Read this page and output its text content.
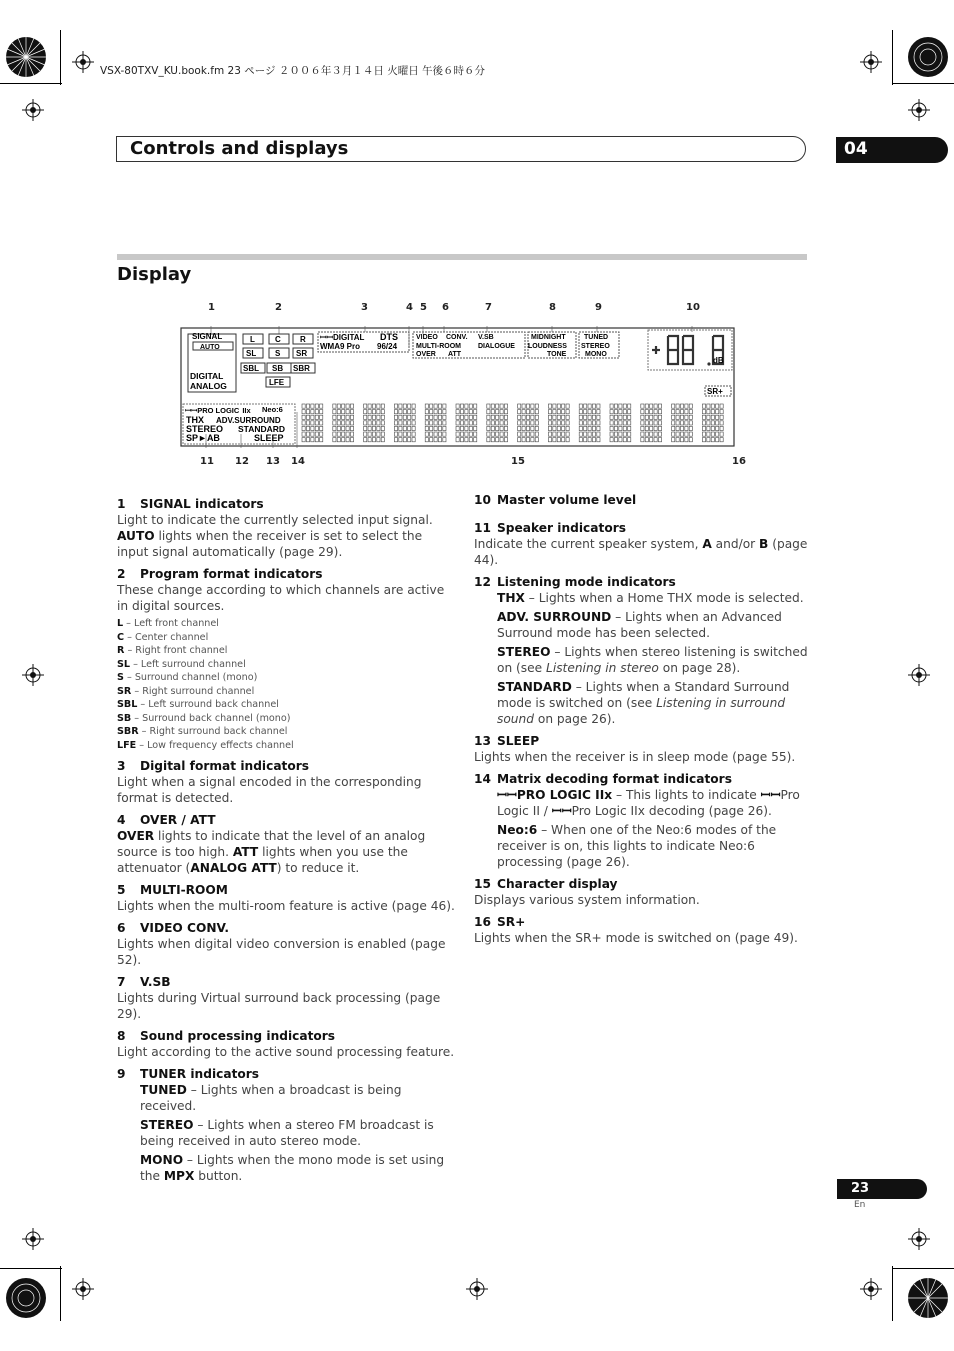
VSX-80TXV_KU.book.fm 23 ページ ２００６年３月１４日 火曜日 午後６時６分
Controls and displays	04
Display
1	2	3	4 5 6	7	8	9	10
11 12 13 14	15	16
SIGNAL
AUTO
DIGITAL
ANALOG
L	C R
SL S SR
SBL SB SBR
LFE
ꟷꟷDIGITAL DTS
WMA9 Pro 96/24
VIDEO CONV. V.SB
MULTI-ROOM DIALOGUE
OVER ATT
MIDNIGHT
LOUDNESS
TONE
TUNED
STEREO
MONO
dB
SR+
ꟷꟷPRO LOGIC IIx Neo:6
THX ADV.SURROUND
STEREO STANDARD
SP►AB	SLEEP
1 SIGNAL indicators

Light to indicate the currently selected input signal. AUTO lights when the receiver is set to select the input signal automatically (page 29).

2 Program format indicators

These change according to which channels are active in digital sources.

L – Left front channel
C – Center channel
R – Right front channel
SL – Left surround channel
S – Surround channel (mono)
SR – Right surround channel
SBL – Left surround back channel
SB – Surround back channel (mono)
SBR – Right surround back channel
LFE – Low frequency effects channel
3 Digital format indicators

Light when a signal encoded in the corresponding format is detected.

4 OVER / ATT

OVER lights to indicate that the level of an analog source is too high. ATT lights when you use the attenuator (ANALOG ATT) to reduce it.

5 MULTI-ROOM

Lights when the multi-room feature is active (page 46).

6 VIDEO CONV.

Lights when digital video conversion is enabled (page 52).

7 V.SB

Lights during Virtual surround back processing (page 29).

8 Sound processing indicators

Light according to the active sound processing feature.

9 TUNER indicators

TUNED – Lights when a broadcast is being received.

STEREO – Lights when a stereo FM broadcast is being received in auto stereo mode.

MONO – Lights when the mono mode is set using the MPX button.

10 Master volume level
11 Speaker indicators

Indicate the current speaker system, A and/or B (page 44).

12 Listening mode indicators

THX – Lights when a Home THX mode is selected.

ADV. SURROUND – Lights when an Advanced Surround mode has been selected.

STEREO – Lights when stereo listening is switched on (see Listening in stereo on page 28).

STANDARD – Lights when a Standard Surround mode is switched on (see Listening in surround sound on page 26).

13 SLEEP

Lights when the receiver is in sleep mode (page 55).

14 Matrix decoding format indicators

ꟷꟷPRO LOGIC IIx – This lights to indicate ꟷꟷPro Logic II / ꟷꟷPro Logic IIx decoding (page 26).

Neo:6 – When one of the Neo:6 modes of the receiver is on, this lights to indicate Neo:6 processing (page 26).

15 Character display

Displays various system information.

16 SR+

Lights when the SR+ mode is switched on (page 49).

23
En
